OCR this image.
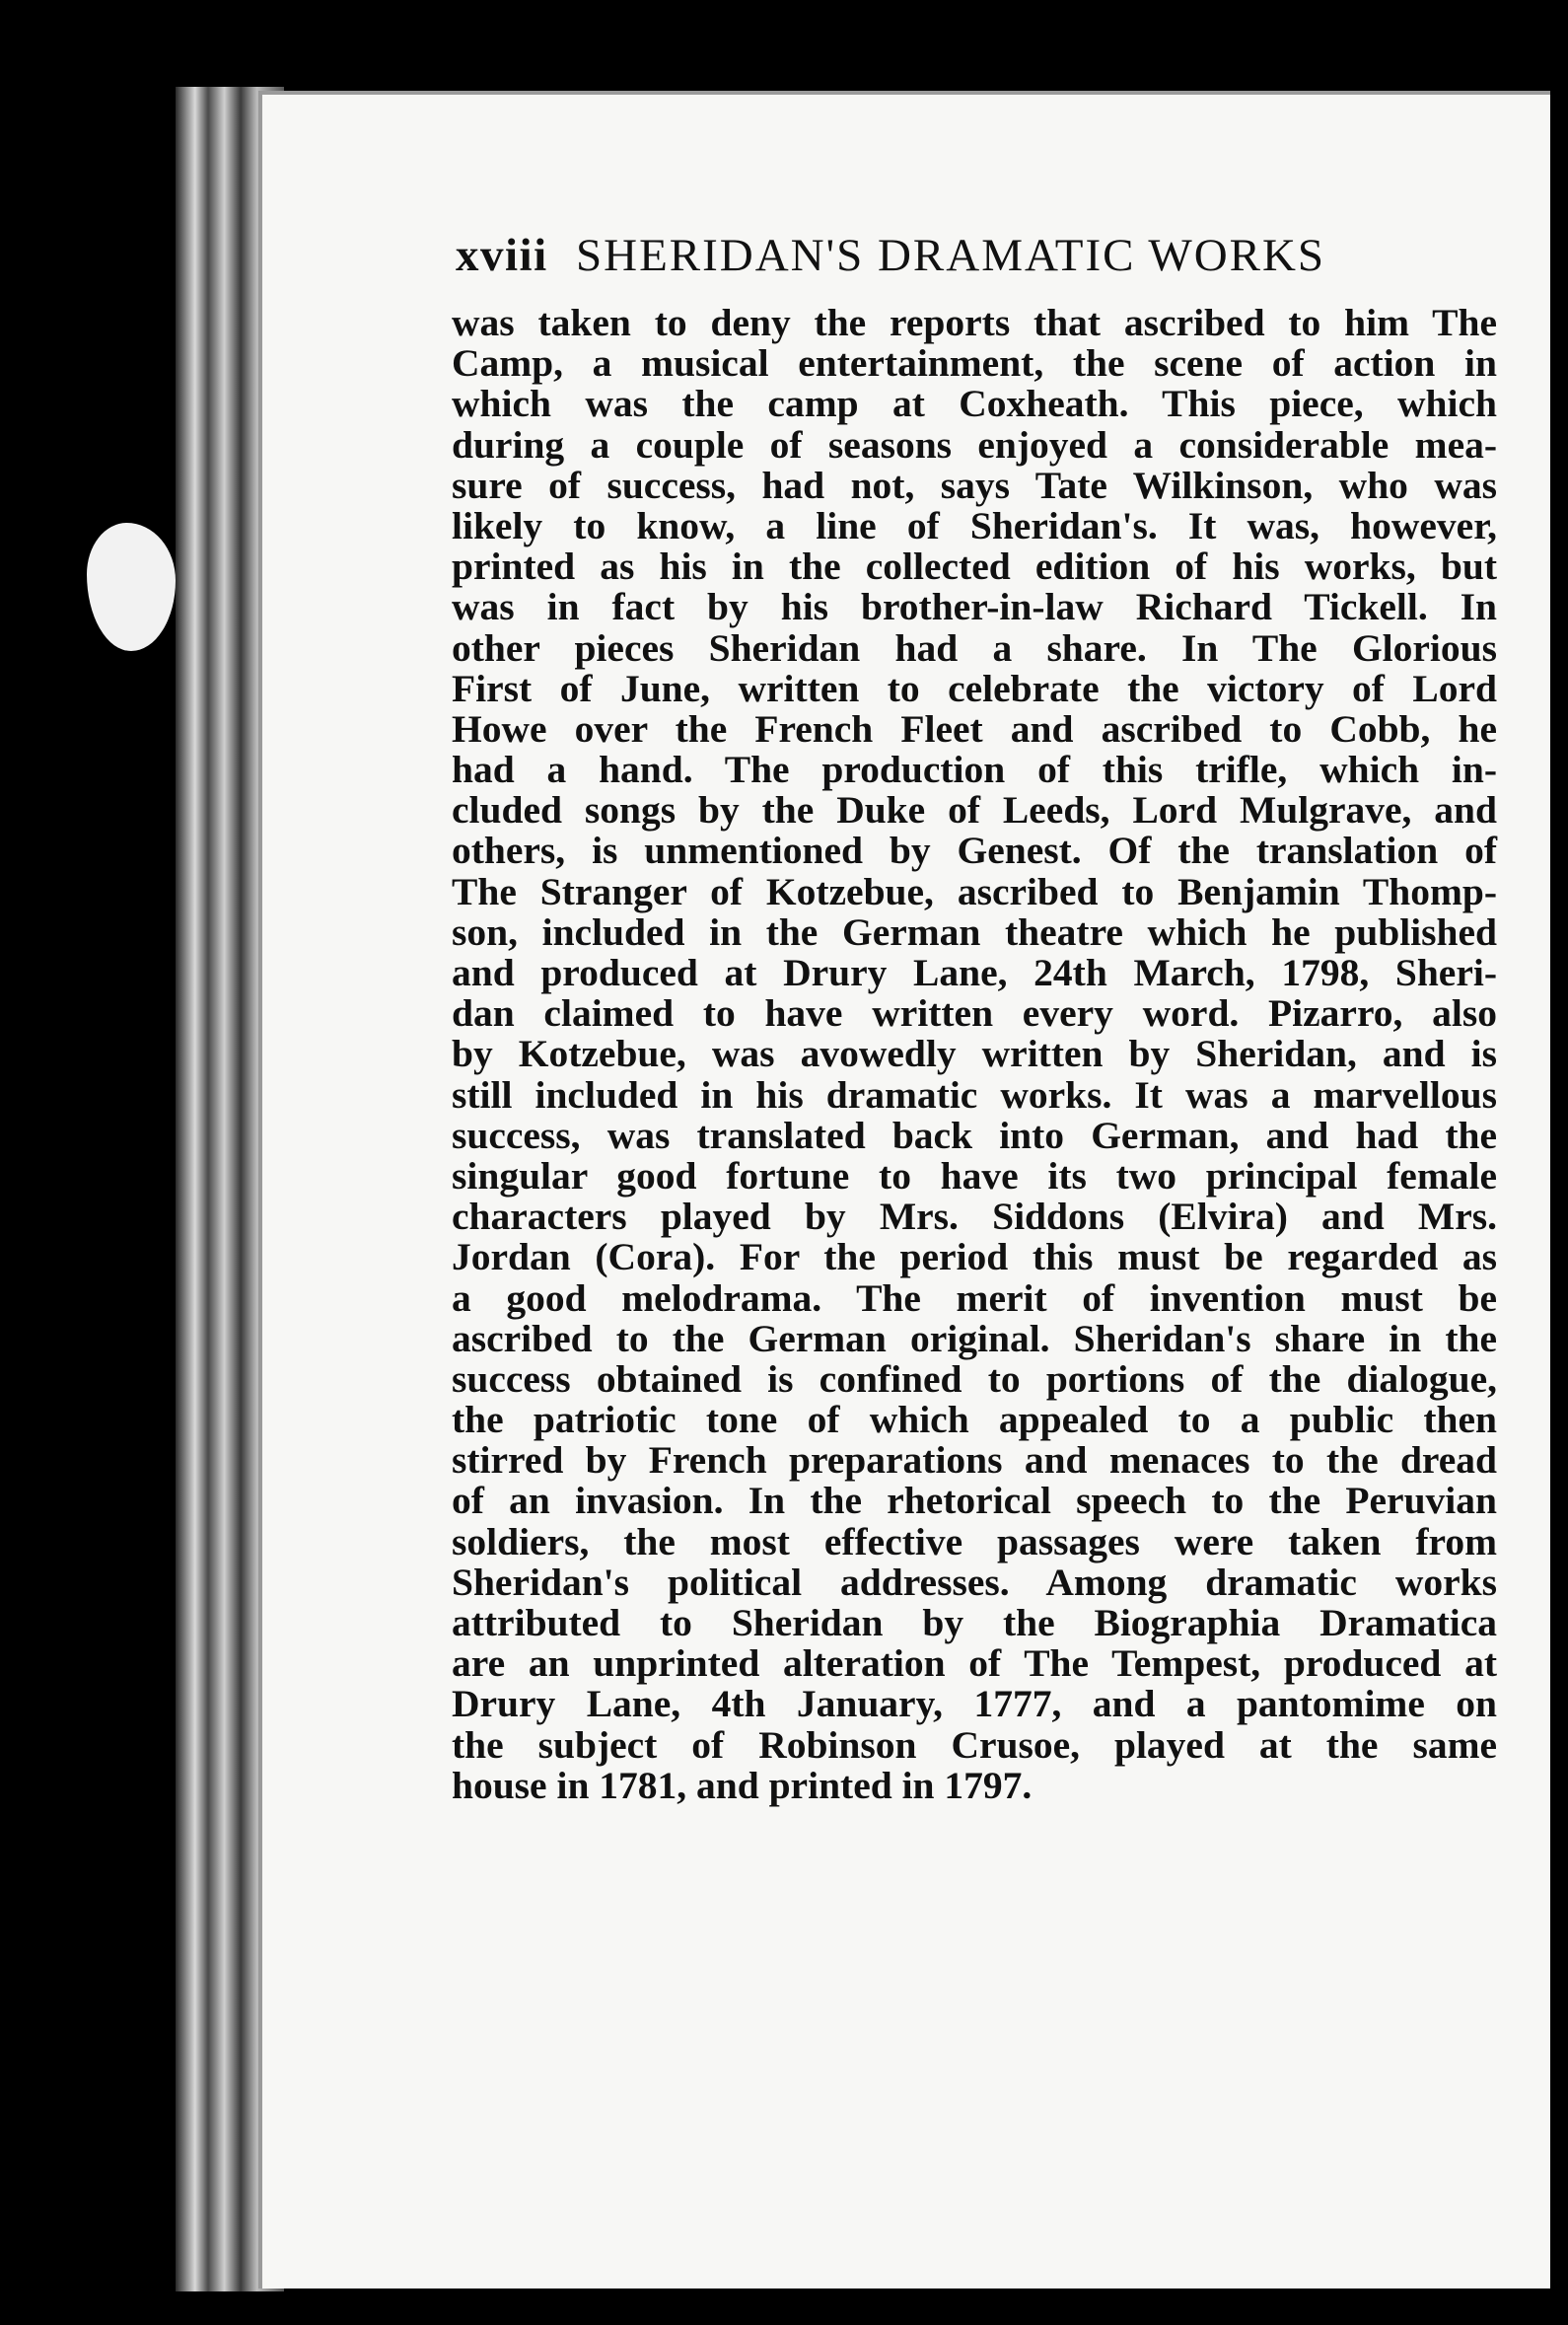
xviii SHERIDAN'S DRAMATIC WORKS
was taken to deny the reports that ascribed to him The
Camp, a musical entertainment, the scene of action in
which was the camp at Coxheath. This piece, which
during a couple of seasons enjoyed a considerable mea-
sure of success, had not, says Tate Wilkinson, who was
likely to know, a line of Sheridan's. It was, however,
printed as his in the collected edition of his works, but
was in fact by his brother-in-law Richard Tickell. In
other pieces Sheridan had a share. In The Glorious
First of June, written to celebrate the victory of Lord
Howe over the French Fleet and ascribed to Cobb, he
had a hand. The production of this trifle, which in-
cluded songs by the Duke of Leeds, Lord Mulgrave, and
others, is unmentioned by Genest. Of the translation of
The Stranger of Kotzebue, ascribed to Benjamin Thomp-
son, included in the German theatre which he published
and produced at Drury Lane, 24th March, 1798, Sheri-
dan claimed to have written every word. Pizarro, also
by Kotzebue, was avowedly written by Sheridan, and is
still included in his dramatic works. It was a marvellous
success, was translated back into German, and had the
singular good fortune to have its two principal female
characters played by Mrs. Siddons (Elvira) and Mrs.
Jordan (Cora). For the period this must be regarded as
a good melodrama. The merit of invention must be
ascribed to the German original. Sheridan's share in the
success obtained is confined to portions of the dialogue,
the patriotic tone of which appealed to a public then
stirred by French preparations and menaces to the dread
of an invasion. In the rhetorical speech to the Peruvian
soldiers, the most effective passages were taken from
Sheridan's political addresses. Among dramatic works
attributed to Sheridan by the Biographia Dramatica
are an unprinted alteration of The Tempest, produced at
Drury Lane, 4th January, 1777, and a pantomime on
the subject of Robinson Crusoe, played at the same
house in 1781, and printed in 1797.
